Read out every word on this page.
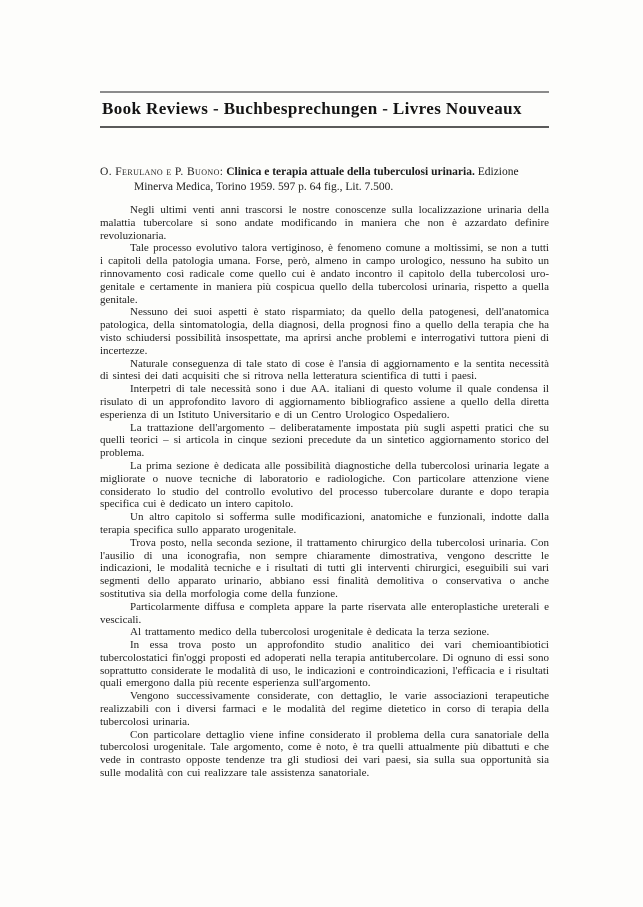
Book Reviews - Buchbesprechungen - Livres Nouveaux

O. Ferulano e P. Buono: Clinica e terapia attuale della tuberculosi urinaria. Edizione Minerva Medica, Torino 1959. 597 p. 64 fig., Lit. 7.500.

Negli ultimi venti anni trascorsi le nostre conoscenze sulla localizzazione urinaria della malattia tubercolare si sono andate modificando in maniera che non è azzardato definire revoluzionaria.

Tale processo evolutivo talora vertiginoso, è fenomeno comune a moltissimi, se non a tutti i capitoli della patologia umana. Forse, però, almeno in campo urologico, nessuno ha subìto un rinnovamento così radicale come quello cui è andato incontro il capitolo della tubercolosi uro-genitale e certamente in maniera più cospicua quello della tubercolosi urinaria, rispetto a quella genitale.

Nessuno dei suoi aspetti è stato risparmiato; da quello della patogenesi, dell'anatomica patologica, della sintomatologia, della diagnosi, della prognosi fino a quello della terapia che ha visto schiudersi possibilità insospettate, ma aprirsi anche problemi e interrogativi tuttora pieni di incertezze.

Naturale conseguenza di tale stato di cose è l'ansia di aggiornamento e la sentita necessità di sintesi dei dati acquisiti che si ritrova nella letteratura scientifica di tutti i paesi.

Interpetri di tale necessità sono i due AA. italiani di questo volume il quale condensa il risulato di un approfondito lavoro di aggiornamento bibliografico assiene a quello della diretta esperienza di un Istituto Universitario e di un Centro Urologico Ospedaliero.

La trattazione dell'argomento – deliberatamente impostata più sugli aspetti pratici che su quelli teorici – si articola in cinque sezioni precedute da un sintetico aggiornamento storico del problema.

La prima sezione è dedicata alle possibilità diagnostiche della tubercolosi urinaria legate a migliorate o nuove tecniche di laboratorio e radiologiche. Con particolare attenzione viene considerato lo studio del controllo evolutivo del processo tubercolare durante e dopo terapia specifica cui è dedicato un intero capitolo.

Un altro capitolo si sofferma sulle modificazioni, anatomiche e funzionali, indotte dalla terapia specifica sullo apparato urogenitale.

Trova posto, nella seconda sezione, il trattamento chirurgico della tubercolosi urinaria. Con l'ausilio di una iconografia, non sempre chiaramente dimostrativa, vengono descritte le indicazioni, le modalità tecniche e i risultati di tutti gli interventi chirurgici, eseguibili sui vari segmenti dello apparato urinario, abbiano essi finalità demolitiva o conservativa o anche sostitutiva sia della morfologia come della funzione.

Particolarmente diffusa e completa appare la parte riservata alle enteroplastiche ureterali e vescicali.

Al trattamento medico della tubercolosi urogenitale è dedicata la terza sezione.

In essa trova posto un approfondito studio analitico dei vari chemioantibiotici tubercolostatici fin'oggi proposti ed adoperati nella terapia antitubercolare. Di ognuno di essi sono soprattutto considerate le modalità di uso, le indicazioni e controindicazioni, l'efficacia e i risultati quali emergono dalla più recente esperienza sull'argomento.

Vengono successivamente considerate, con dettaglio, le varie associazioni terapeutiche realizzabili con i diversi farmaci e le modalità del regime dietetico in corso di terapia della tubercolosi urinaria.

Con particolare dettaglio viene infine considerato il problema della cura sanatoriale della tubercolosi urogenitale. Tale argomento, come è noto, è tra quelli attualmente più dibattuti e che vede in contrasto opposte tendenze tra gli studiosi dei vari paesi, sia sulla sua opportunità sia sulle modalità con cui realizzare tale assistenza sanatoriale.
